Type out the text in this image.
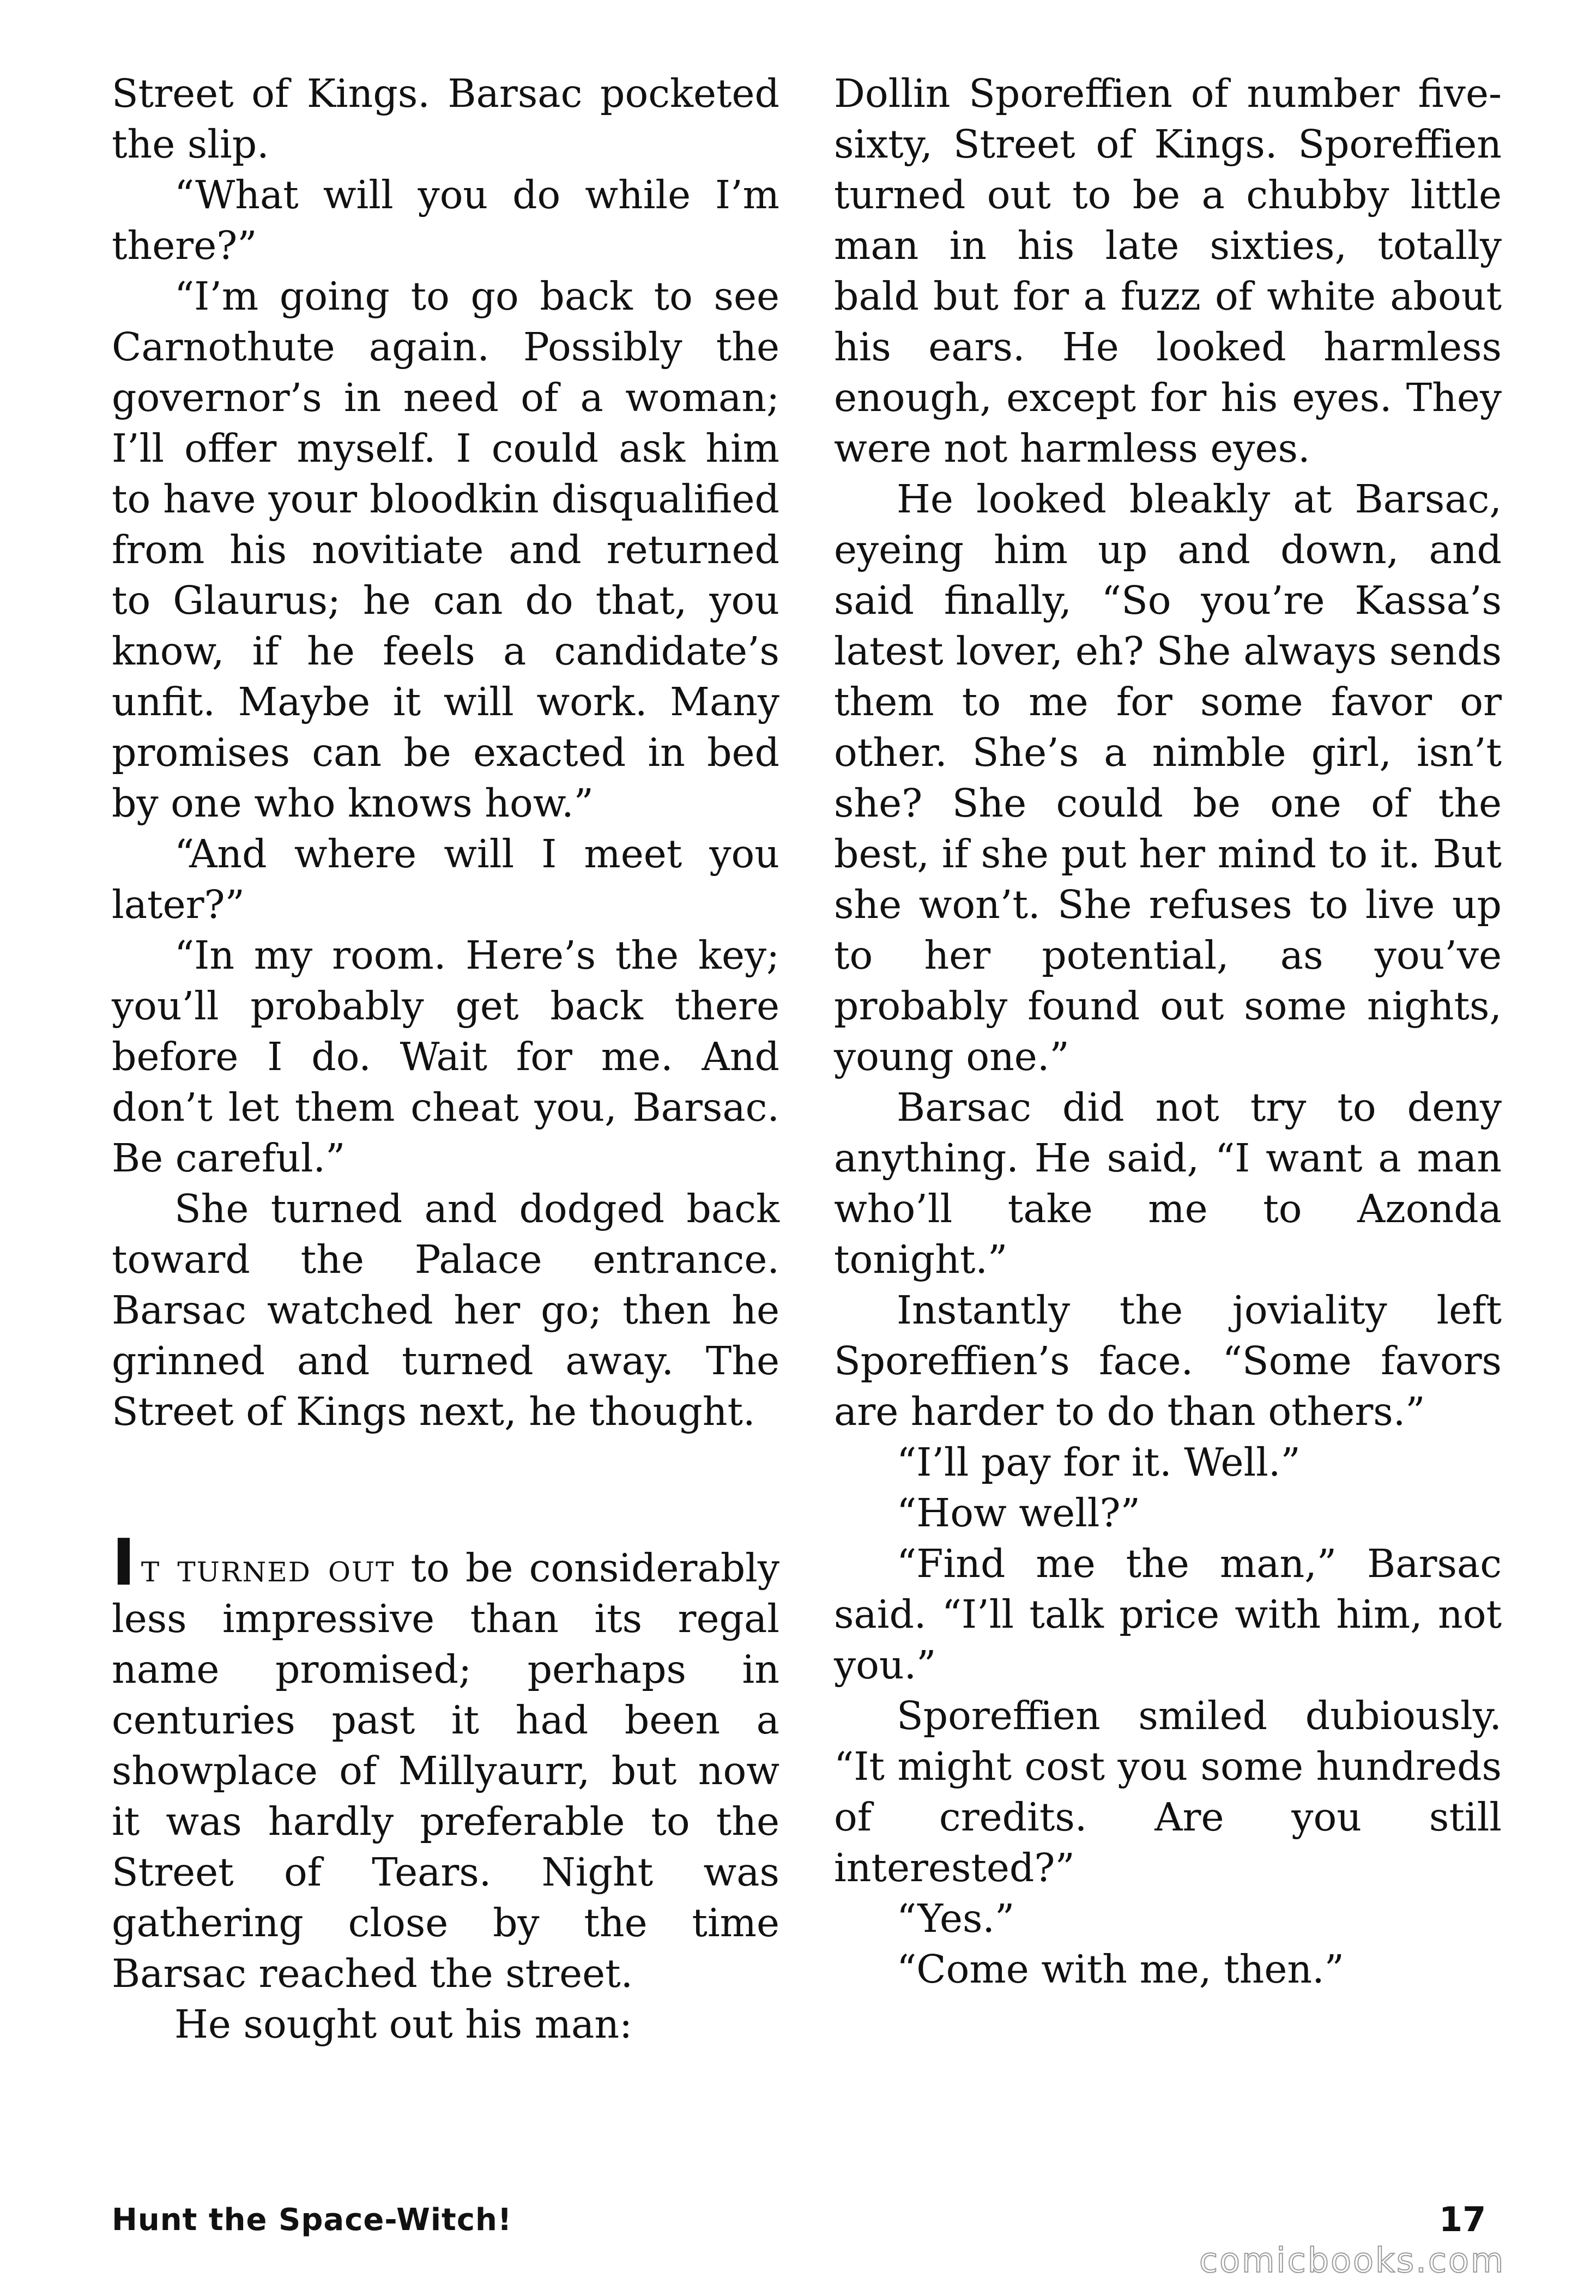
Street of Kings. Barsac pocketed the slip.

“What will you do while I’m there?”

“I’m going to go back to see Carnothute again. Possibly the governor’s in need of a woman; I’ll offer myself. I could ask him to have your bloodkin disqualified from his novitiate and returned to Glaurus; he can do that, you know, if he feels a candidate’s unfit. Maybe it will work. Many promises can be exacted in bed by one who knows how.”

“And where will I meet you later?”

“In my room. Here’s the key; you’ll probably get back there before I do. Wait for me. And don’t let them cheat you, Barsac. Be careful.”

She turned and dodged back toward the Palace entrance. Barsac watched her go; then he grinned and turned away. The Street of Kings next, he thought.

It turned out to be considerably less impressive than its regal name promised; perhaps in centuries past it had been a showplace of Millyaurr, but now it was hardly preferable to the Street of Tears. Night was gathering close by the time Barsac reached the street.

He sought out his man:

Dollin Sporeffien of number five-sixty, Street of Kings. Sporeffien turned out to be a chubby little man in his late sixties, totally bald but for a fuzz of white about his ears. He looked harmless enough, except for his eyes. They were not harmless eyes.

He looked bleakly at Barsac, eyeing him up and down, and said finally, “So you’re Kassa’s latest lover, eh? She always sends them to me for some favor or other. She’s a nimble girl, isn’t she? She could be one of the best, if she put her mind to it. But she won’t. She refuses to live up to her potential, as you’ve probably found out some nights, young one.”

Barsac did not try to deny anything. He said, “I want a man who’ll take me to Azonda tonight.”

Instantly the joviality left Sporeffien’s face. “Some favors are harder to do than others.”

“I’ll pay for it. Well.”

“How well?”

“Find me the man,” Barsac said. “I’ll talk price with him, not you.”

Sporeffien smiled dubiously. “It might cost you some hundreds of credits. Are you still interested?”

“Yes.”

“Come with me, then.”

Hunt the Space-Witch!	17
comicbooks.com
